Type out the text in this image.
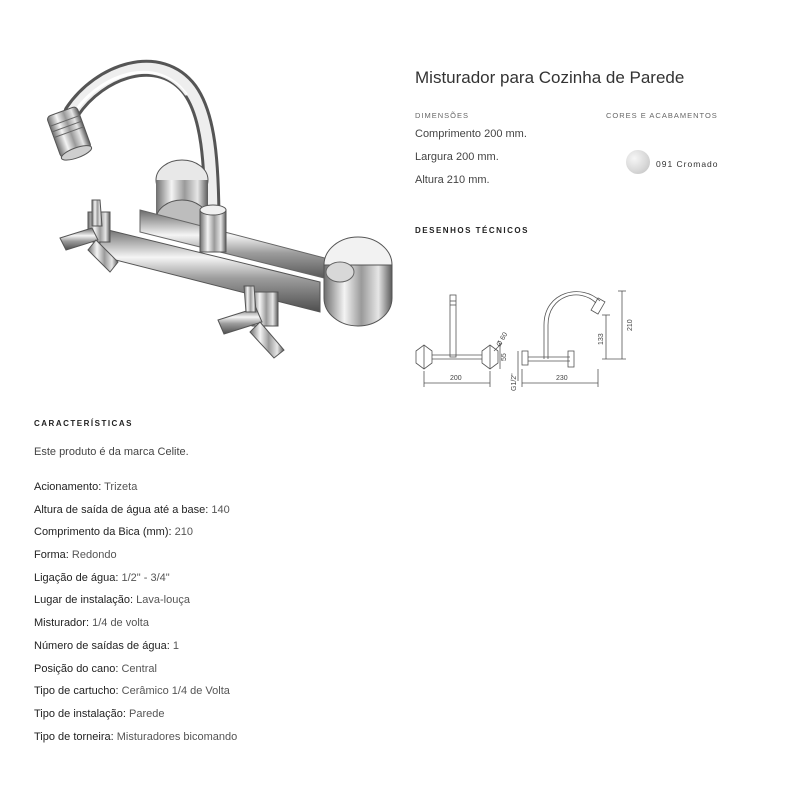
Misturador para Cozinha de Parede
DIMENSÕES
Comprimento 200 mm.
Largura 200 mm.
Altura 210 mm.
CORES E ACABAMENTOS
091 Cromado
DESENHOS TÉCNICOS
200	230
210
133
Ø 60
55
G1/2"
CARACTERÍSTICAS
Este produto é da marca Celite.
Acionamento: Trizeta
Altura de saída de água até a base: 140
Comprimento da Bica (mm): 210
Forma: Redondo
Ligação de água: 1/2" - 3/4"
Lugar de instalação: Lava-louça
Misturador: 1/4 de volta
Número de saídas de água: 1
Posição do cano: Central
Tipo de cartucho: Cerâmico 1/4 de Volta
Tipo de instalação: Parede
Tipo de torneira: Misturadores bicomando
